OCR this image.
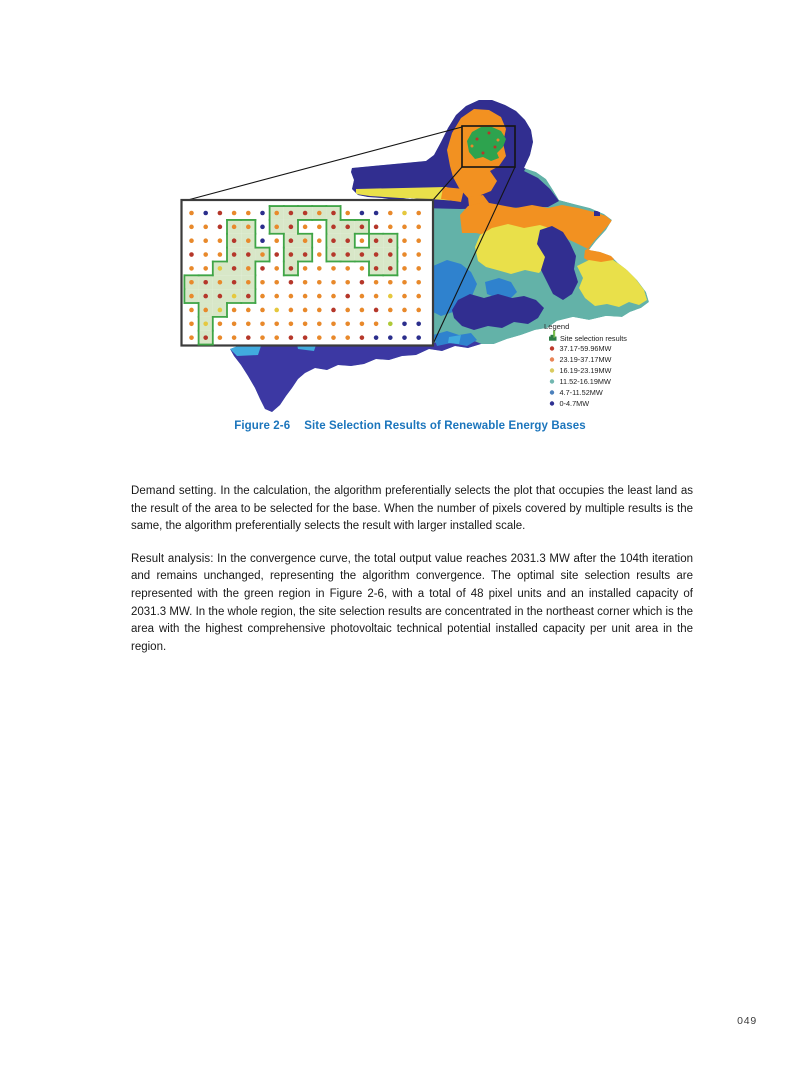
Legend
Site selection results
37.17-59.96MW
23.19-37.17MW
16.19-23.19MW
11.52-16.19MW
4.7-11.52MW
0-4.7MW
Figure 2-6 Site Selection Results of Renewable Energy Bases

Demand setting. In the calculation, the algorithm preferentially selects the plot that occupies the least land as the result of the area to be selected for the base. When the number of pixels covered by multiple results is the same, the algorithm preferentially selects the result with larger installed scale.

Result analysis: In the convergence curve, the total output value reaches 2031.3 MW after the 104th iteration and remains unchanged, representing the algorithm convergence. The optimal site selection results are represented with the green region in Figure 2-6, with a total of 48 pixel units and an installed capacity of 2031.3 MW. In the whole region, the site selection results are concentrated in the northeast corner which is the area with the highest comprehensive photovoltaic technical potential installed capacity per unit area in the region.

049
